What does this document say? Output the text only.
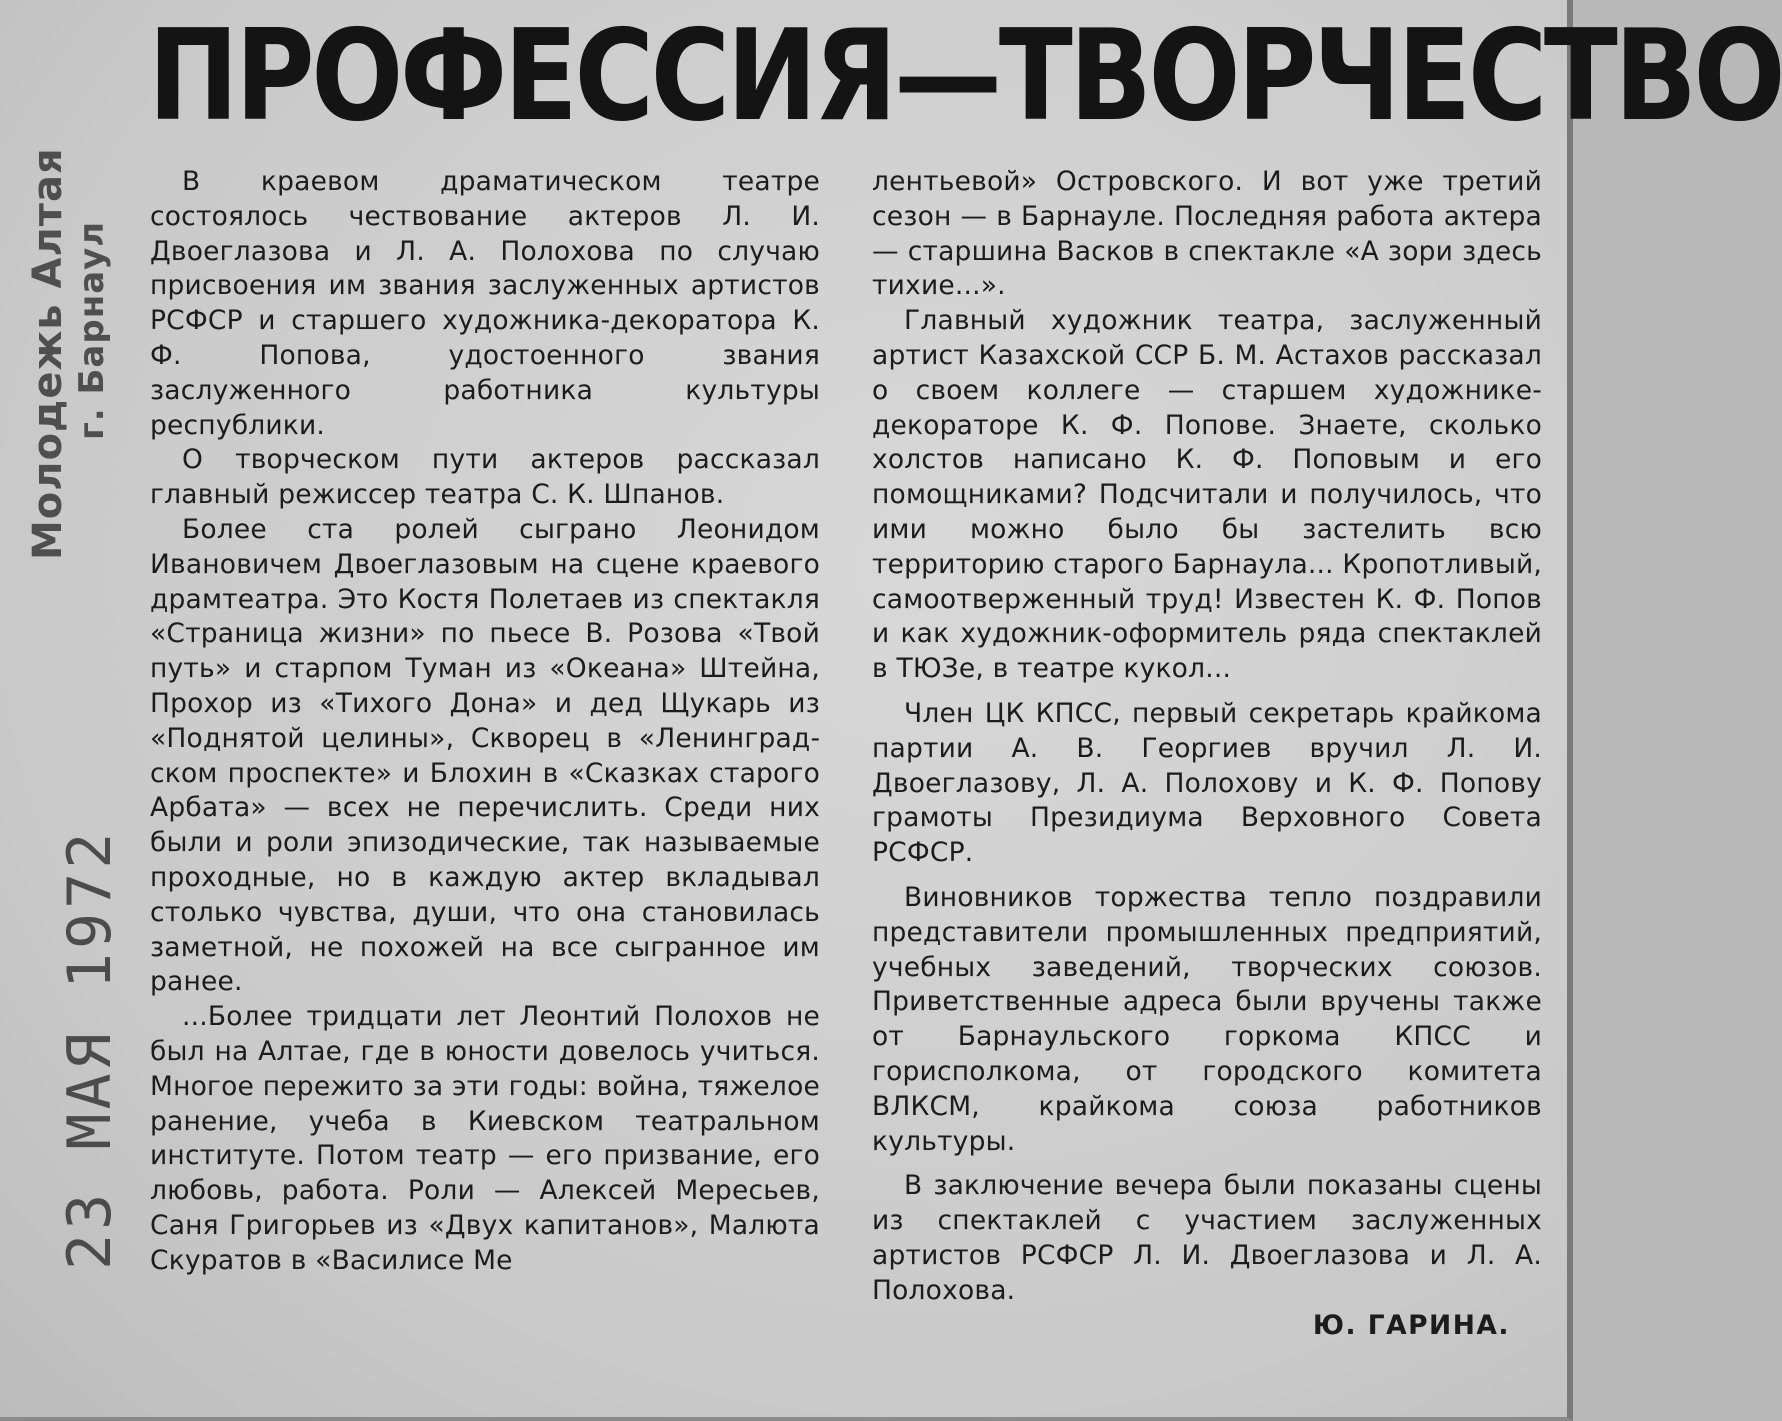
ПРОФЕССИЯ—ТВОРЧЕСТВО
Молодежь Алтая г. Барнаул
23 МАЯ 1972

В краевом драматическом театре состоялось чествование актеров Л. И. Двоеглазова и Л. А. Полохова по случаю присвоения им звания заслуженных артистов РСФСР и старшего художника-декоратора К. Ф. Попова, удостоенного звания заслуженного работника культуры республики.

О творческом пути актеров рассказал главный режиссер театра С. К. Шпанов.

Более ста ролей сыграно Леонидом Ивановичем Двоеглазовым на сцене краевого драмтеатра. Это Костя Полетаев из спектакля «Страница жизни» по пьесе В. Розова «Твой путь» и старпом Туман из «Океана» Штейна, Прохор из «Тихого Дона» и дед Щукарь из «Поднятой целины», Скворец в «Ленинградском проспекте» и Блохин в «Сказках старого Арбата» — всех не перечислить. Среди них были и роли эпизодические, так называемые проходные, но в каждую актер вкладывал столько чувства, души, что она становилась заметной, не похожей на все сыгранное им ранее.

...Более тридцати лет Леонтий Полохов не был на Алтае, где в юности довелось учиться. Многое пережито за эти годы: война, тяжелое ранение, учеба в Киевском театральном институте. Потом театр — его призвание, его любовь, работа. Роли — Алексей Мересьев, Саня Григорьев из «Двух капитанов», Малюта Скуратов в «Василисе Ме

лентьевой» Островского. И вот уже третий сезон — в Барнауле. Последняя работа актера — старшина Васков в спектакле «А зори здесь тихие...».

Главный художник театра, заслуженный артист Казахской ССР Б. М. Астахов рассказал о своем коллеге — старшем художнике-декораторе К. Ф. Попове. Знаете, сколько холстов написано К. Ф. Поповым и его помощниками? Подсчитали и получилось, что ими можно было бы застелить всю территорию старого Барнаула... Кропотливый, самоотверженный труд! Известен К. Ф. Попов и как художник-оформитель ряда спектаклей в ТЮЗе, в театре кукол...

Член ЦК КПСС, первый секретарь крайкома партии А. В. Георгиев вручил Л. И. Двоеглазову, Л. А. Полохову и К. Ф. Попову грамоты Президиума Верховного Совета РСФСР.

Виновников торжества тепло поздравили представители промышленных предприятий, учебных заведений, творческих союзов. Приветственные адреса были вручены также от Барнаульского горкома КПСС и горисполкома, от городского комитета ВЛКСМ, крайкома союза работников культуры.

В заключение вечера были показаны сцены из спектаклей с участием заслуженных артистов РСФСР Л. И. Двоеглазова и Л. А. Полохова.

Ю. ГАРИНА.
